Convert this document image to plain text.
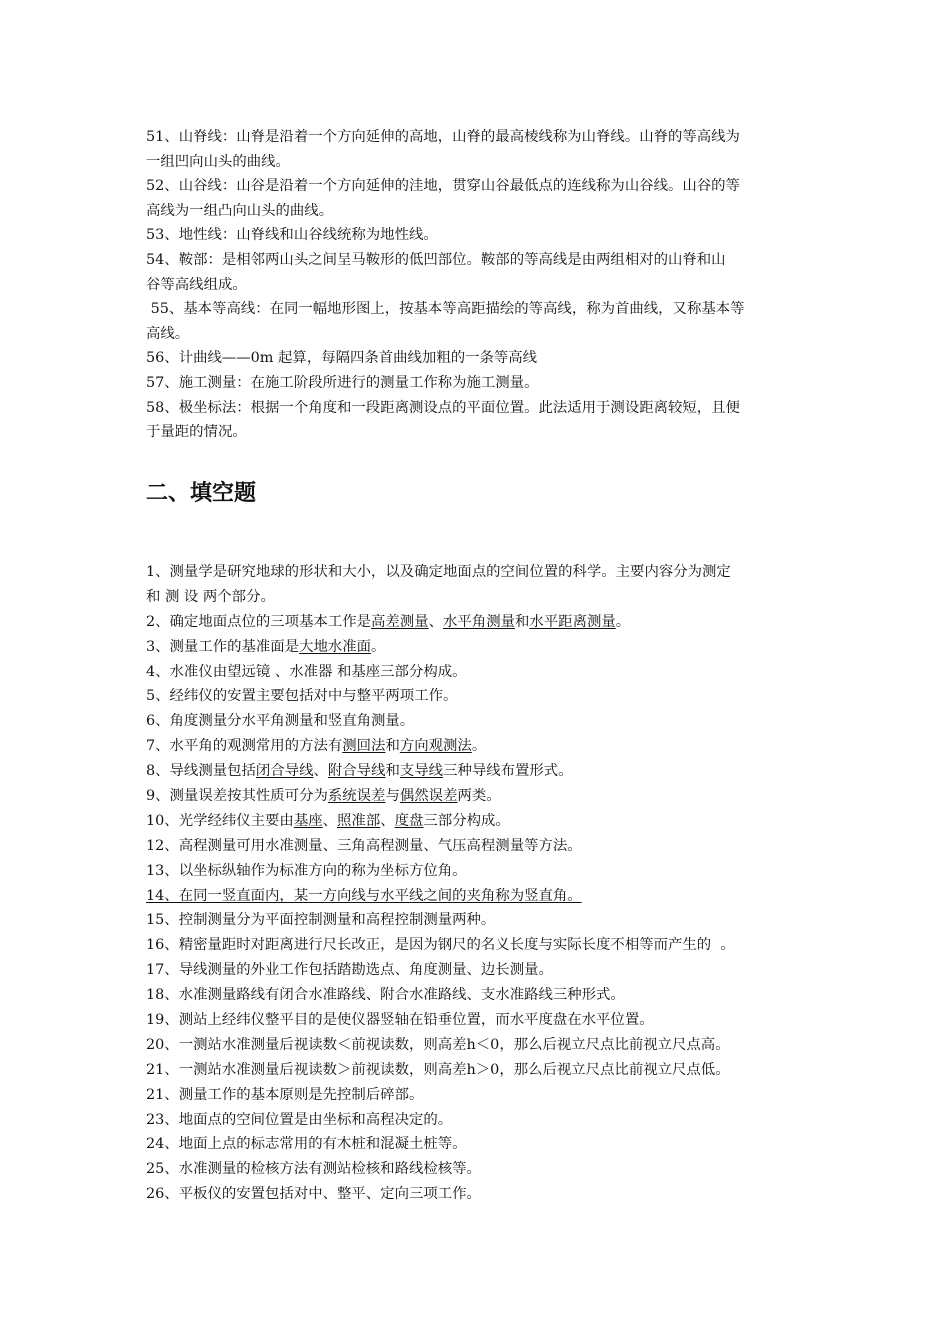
51、山脊线：山脊是沿着一个方向延伸的高地，山脊的最高棱线称为山脊线。山脊的等高线为
一组凹向山头的曲线。
52、山谷线：山谷是沿着一个方向延伸的洼地，贯穿山谷最低点的连线称为山谷线。山谷的等
高线为一组凸向山头的曲线。
53、地性线：山脊线和山谷线统称为地性线。
54、鞍部：是相邻两山头之间呈马鞍形的低凹部位。鞍部的等高线是由两组相对的山脊和山
谷等高线组成。
55、基本等高线：在同一幅地形图上，按基本等高距描绘的等高线，称为首曲线，又称基本等
高线。
56、计曲线——0m 起算，每隔四条首曲线加粗的一条等高线
57、施工测量：在施工阶段所进行的测量工作称为施工测量。
58、极坐标法：根据一个角度和一段距离测设点的平面位置。此法适用于测设距离较短，且便
于量距的情况。
二、填空题
1、测量学是研究地球的形状和大小，以及确定地面点的空间位置的科学。主要内容分为测定
和 测 设 两个部分。
2、确定地面点位的三项基本工作是高差测量、水平角测量和水平距离测量。
3、测量工作的基准面是大地水准面。
4、水准仪由望远镜 、水准器 和基座三部分构成。
5、经纬仪的安置主要包括对中与整平两项工作。
6、角度测量分水平角测量和竖直角测量。
7、水平角的观测常用的方法有测回法和方向观测法。
8、导线测量包括闭合导线、附合导线和支导线三种导线布置形式。
9、测量误差按其性质可分为系统误差与偶然误差两类。
10、光学经纬仪主要由基座、照准部、度盘三部分构成。
12、高程测量可用水准测量、三角高程测量、气压高程测量等方法。
13、以坐标纵轴作为标准方向的称为坐标方位角。
14、在同一竖直面内，某一方向线与水平线之间的夹角称为竖直角。
15、控制测量分为平面控制测量和高程控制测量两种。
16、精密量距时对距离进行尺长改正，是因为钢尺的名义长度与实际长度不相等而产生的  。
17、导线测量的外业工作包括踏勘选点、角度测量、边长测量。
18、水准测量路线有闭合水准路线、附合水准路线、支水准路线三种形式。
19、测站上经纬仪整平目的是使仪器竖轴在铅垂位置，而水平度盘在水平位置。
20、一测站水准测量后视读数＜前视读数，则高差h＜0，那么后视立尺点比前视立尺点高。
21、一测站水准测量后视读数＞前视读数，则高差h＞0，那么后视立尺点比前视立尺点低。
21、测量工作的基本原则是先控制后碎部。
23、地面点的空间位置是由坐标和高程决定的。
24、地面上点的标志常用的有木桩和混凝土桩等。
25、水准测量的检核方法有测站检核和路线检核等。
26、平板仪的安置包括对中、整平、定向三项工作。
